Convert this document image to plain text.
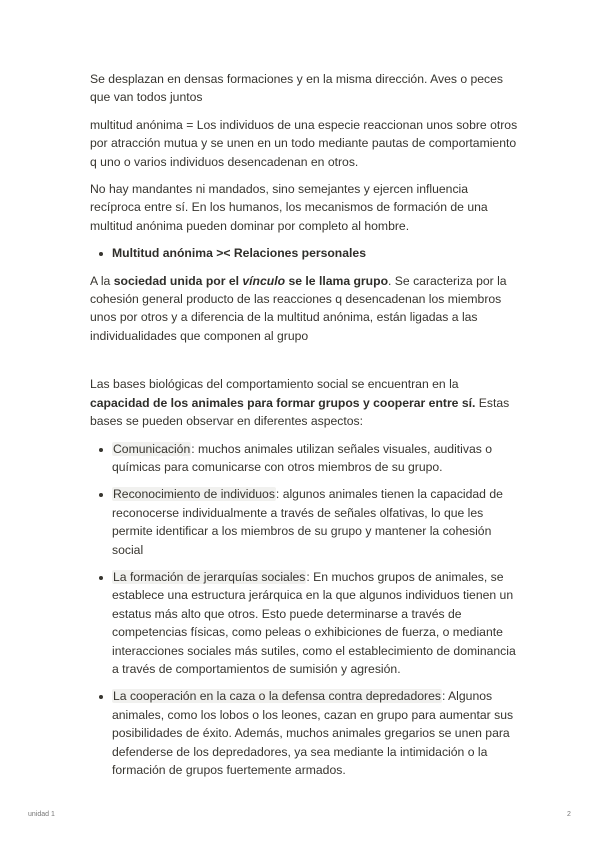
Se desplazan en densas formaciones y en la misma dirección. Aves o peces que van todos juntos

multitud anónima = Los individuos de una especie reaccionan unos sobre otros por atracción mutua y se unen en un todo mediante pautas de comportamiento q uno o varios individuos desencadenan en otros.

No hay mandantes ni mandados, sino semejantes y ejercen influencia recíproca entre sí. En los humanos, los mecanismos de formación de una multitud anónima pueden dominar por completo al hombre.

Multitud anónima >< Relaciones personales

A la sociedad unida por el vínculo se le llama grupo. Se caracteriza por la cohesión general producto de las reacciones q desencadenan los miembros unos por otros y a diferencia de la multitud anónima, están ligadas a las individualidades que componen al grupo

Las bases biológicas del comportamiento social se encuentran en la capacidad de los animales para formar grupos y cooperar entre sí. Estas bases se pueden observar en diferentes aspectos:

Comunicación: muchos animales utilizan señales visuales, auditivas o químicas para comunicarse con otros miembros de su grupo.
Reconocimiento de individuos: algunos animales tienen la capacidad de reconocerse individualmente a través de señales olfativas, lo que les permite identificar a los miembros de su grupo y mantener la cohesión social
La formación de jerarquías sociales: En muchos grupos de animales, se establece una estructura jerárquica en la que algunos individuos tienen un estatus más alto que otros. Esto puede determinarse a través de competencias físicas, como peleas o exhibiciones de fuerza, o mediante interacciones sociales más sutiles, como el establecimiento de dominancia a través de comportamientos de sumisión y agresión.
La cooperación en la caza o la defensa contra depredadores: Algunos animales, como los lobos o los leones, cazan en grupo para aumentar sus posibilidades de éxito. Además, muchos animales gregarios se unen para defenderse de los depredadores, ya sea mediante la intimidación o la formación de grupos fuertemente armados.
unidad 1	2
